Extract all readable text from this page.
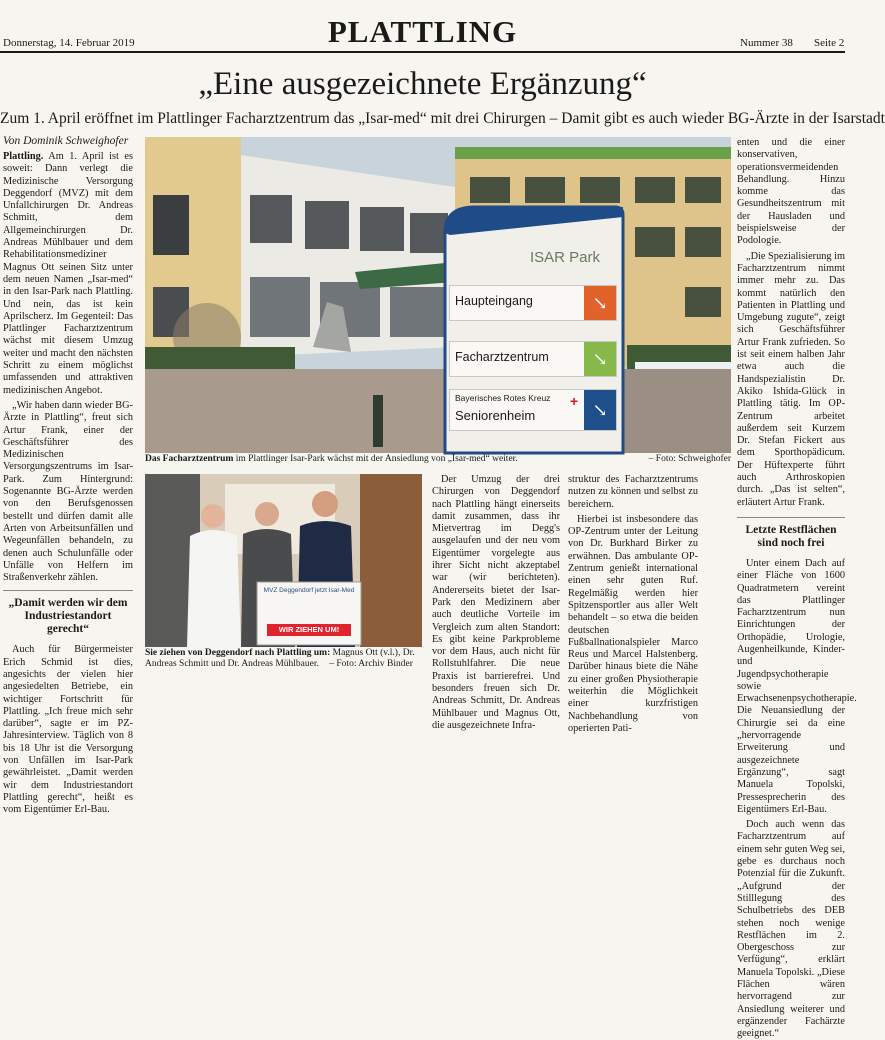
Donnerstag, 14. Februar 2019	PLATTLING	Nummer 38 Seite 2
„Eine ausgezeichnete Ergänzung“
Zum 1. April eröffnet im Plattlinger Facharztzentrum das „Isar-med“ mit drei Chirurgen – Damit gibt es auch wieder BG-Ärzte in der Isarstadt
Von Dominik Schweighofer

Plattling. Am 1. April ist es soweit: Dann verlegt die Medizinische Versorgung Deggendorf (MVZ) mit dem Unfallchirurgen Dr. Andreas Schmitt, dem Allgemeinchirurgen Dr. Andreas Mühlbauer und dem Rehabilitationsmediziner Magnus Ott seinen Sitz unter dem neuen Namen „Isar-med“ in den Isar-Park nach Plattling. Und nein, das ist kein Aprilscherz. Im Gegenteil: Das Plattlinger Facharztzentrum wächst mit diesem Umzug weiter und macht den nächsten Schritt zu einem möglichst umfassenden und attraktiven medizinischen Angebot.

„Wir haben dann wieder BG-Ärzte in Plattling“, freut sich Artur Frank, einer der Geschäftsführer des Medizinischen Versorgungszentrums im Isar-Park. Zum Hintergrund: Sogenannte BG-Ärzte werden von den Berufsgenossen bestellt und dürfen damit alle Arten von Arbeitsunfällen und Wegeunfällen behandeln, zu denen auch Schulunfälle oder Unfälle von Helfern im Straßenverkehr zählen.

„Damit werden wir dem Industriestandort gerecht“

Auch für Bürgermeister Erich Schmid ist dies, angesichts der vielen hier angesiedelten Betriebe, ein wichtiger Fortschritt für Plattling. „Ich freue mich sehr darüber“, sagte er im PZ-Jahresinterview. Täglich von 8 bis 18 Uhr ist die Versorgung von Unfällen im Isar-Park gewährleistet. „Damit werden wir dem Industriestandort Plattling gerecht“, heißt es vom Eigentümer Erl-Bau.

ISAR Park
Haupteingang	↘
Facharztzentrum	↘
Bayerisches Rotes Kreuz +
Seniorenheim	↘
Das Facharztzentrum im Plattlinger Isar-Park wächst mit der Ansiedlung von „Isar-med“ weiter.	– Foto: Schweighofer
MVZ Deggendorf jetzt Isar-Med
WIR ZIEHEN UM!
Sie ziehen von Deggendorf nach Plattling um: Magnus Ott (v.l.), Dr. Andreas Schmitt und Dr. Andreas Mühlbauer. – Foto: Archiv Binder

Der Umzug der drei Chirurgen von Deggendorf nach Plattling hängt einerseits damit zusammen, dass ihr Mietvertrag im Degg's ausgelaufen und der neu vom Eigentümer vorgelegte aus ihrer Sicht nicht akzeptabel war (wir berichteten). Andererseits bietet der Isar-Park den Medizinern aber auch deutliche Vorteile im Vergleich zum alten Standort: Es gibt keine Parkprobleme vor dem Haus, auch nicht für Rollstuhlfahrer. Die neue Praxis ist barrierefrei. Und besonders freuen sich Dr. Andreas Schmitt, Dr. Andreas Mühlbauer und Magnus Ott, die ausgezeichnete Infra-

struktur des Facharztzentrums nutzen zu können und selbst zu bereichern.

Hierbei ist insbesondere das OP-Zentrum unter der Leitung von Dr. Burkhard Birker zu erwähnen. Das ambulante OP-Zentrum genießt international einen sehr guten Ruf. Regelmäßig werden hier Spitzensportler aus aller Welt behandelt – so etwa die beiden deutschen Fußballnationalspieler Marco Reus und Marcel Halstenberg. Darüber hinaus biete die Nähe zu einer großen Physiotherapie weiterhin die Möglichkeit einer kurzfristigen Nachbehandlung von operierten Pati-

enten und die einer konservativen, operationsvermeidenden Behandlung. Hinzu komme das Gesundheitszentrum mit der Hausladen und beispielsweise der Podologie.

„Die Spezialisierung im Facharztzentrum nimmt immer mehr zu. Das kommt natürlich den Patienten in Plattling und Umgebung zugute“, zeigt sich Geschäftsführer Artur Frank zufrieden. So ist seit einem halben Jahr etwa auch die Handspezialistin Dr. Akiko Ishida-Glück in Plattling tätig. Im OP-Zentrum arbeitet außerdem seit Kurzem Dr. Stefan Fickert aus dem Sporthopädicum. Der Hüftexperte führt auch Arthroskopien durch. „Das ist selten“, erläutert Artur Frank.

Letzte Restflächen sind noch frei

Unter einem Dach auf einer Fläche von 1600 Quadratmetern vereint das Plattlinger Facharztzentrum nun Einrichtungen der Orthopädie, Urologie, Augenheilkunde, Kinder- und Jugendpsychotherapie sowie Erwachsenenpsychotherapie. Die Neuansiedlung der Chirurgie sei da eine „hervorragende Erweiterung und ausgezeichnete Ergänzung“, sagt Manuela Topolski, Pressesprecherin des Eigentümers Erl-Bau.

Doch auch wenn das Facharztzentrum auf einem sehr guten Weg sei, gebe es durchaus noch Potenzial für die Zukunft. „Aufgrund der Stilllegung des Schulbetriebs des DEB stehen noch wenige Restflächen im 2. Obergeschoss zur Verfügung“, erklärt Manuela Topolski. „Diese Flächen wären hervorragend zur Ansiedlung weiterer und ergänzender Fachärzte geeignet.“
